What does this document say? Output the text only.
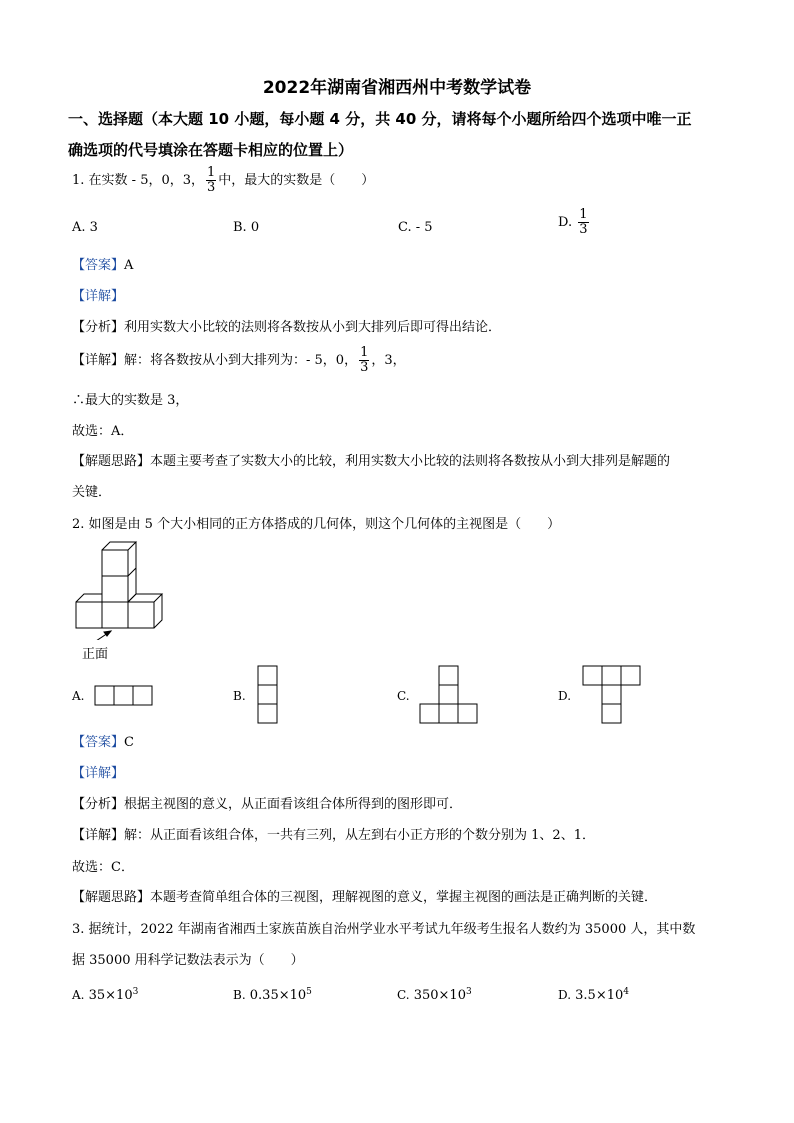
2022年湖南省湘西州中考数学试卷
一、选择题（本大题 10 小题，每小题 4 分，共 40 分，请将每个小题所给四个选项中唯一正
确选项的代号填涂在答题卡相应的位置上）
1. 在实数 - 5，0，3， $\frac{1}{3}$ 中，最大的实数是（　　）
A. 3	B. 0	C. - 5	D. $\frac{1}{3}$
【答案】A
【详解】
【分析】利用实数大小比较的法则将各数按从小到大排列后即可得出结论．
【详解】解：将各数按从小到大排列为：- 5，0， $\frac{1}{3}$ ，3，
∴最大的实数是 3，
故选：A．
【解题思路】本题主要考查了实数大小的比较，利用实数大小比较的法则将各数按从小到大排列是解题的
关键．
2. 如图是由 5 个大小相同的正方体搭成的几何体，则这个几何体的主视图是（　　）
正面
A.	B.	C.	D.
【答案】C
【详解】
【分析】根据主视图的意义，从正面看该组合体所得到的图形即可．
【详解】解：从正面看该组合体，一共有三列，从左到右小正方形的个数分别为 1、2、1．
故选：C．
【解题思路】本题考查简单组合体的三视图，理解视图的意义，掌握主视图的画法是正确判断的关键．
3. 据统计，2022 年湖南省湘西土家族苗族自治州学业水平考试九年级考生报名人数约为 35000 人，其中数
据 35000 用科学记数法表示为（　　）
A. $35\times 10^3$	B. $0.35\times 10^5$	C. $350\times 10^3$	D. $3.5\times 10^4$
